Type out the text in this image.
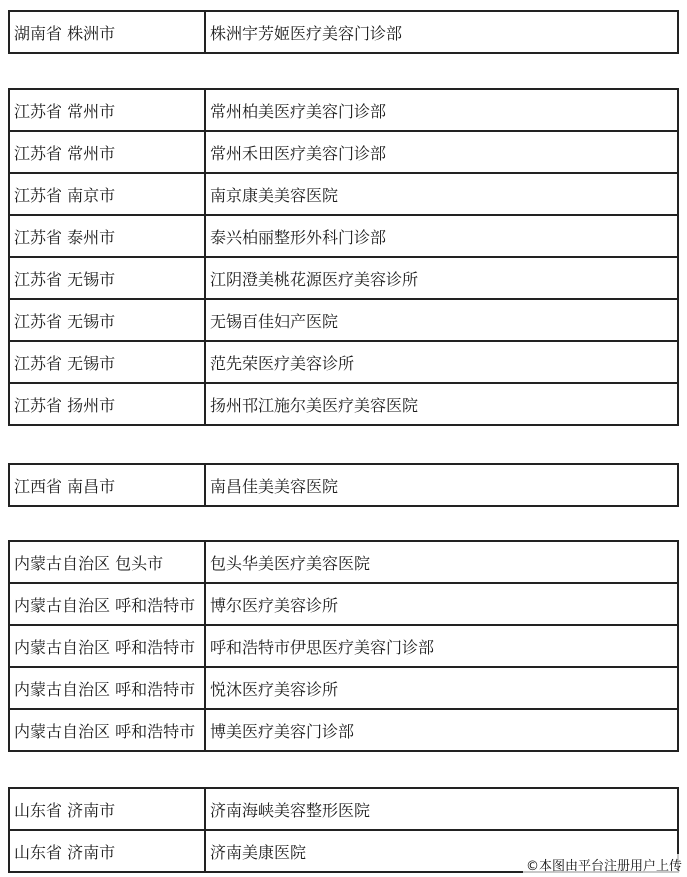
湖南省 株洲市	株洲宇芳姬医疗美容门诊部
江苏省 常州市	常州柏美医疗美容门诊部
江苏省 常州市	常州禾田医疗美容门诊部
江苏省 南京市	南京康美美容医院
江苏省 泰州市	泰兴柏丽整形外科门诊部
江苏省 无锡市	江阴澄美桃花源医疗美容诊所
江苏省 无锡市	无锡百佳妇产医院
江苏省 无锡市	范先荣医疗美容诊所
江苏省 扬州市	扬州邗江施尔美医疗美容医院
江西省 南昌市	南昌佳美美容医院
内蒙古自治区 包头市	包头华美医疗美容医院
内蒙古自治区 呼和浩特市	博尔医疗美容诊所
内蒙古自治区 呼和浩特市	呼和浩特市伊思医疗美容门诊部
内蒙古自治区 呼和浩特市	悦沐医疗美容诊所
内蒙古自治区 呼和浩特市	博美医疗美容门诊部
山东省 济南市	济南海峡美容整形医院
山东省 济南市	济南美康医院
©本图由平台注册用户上传
